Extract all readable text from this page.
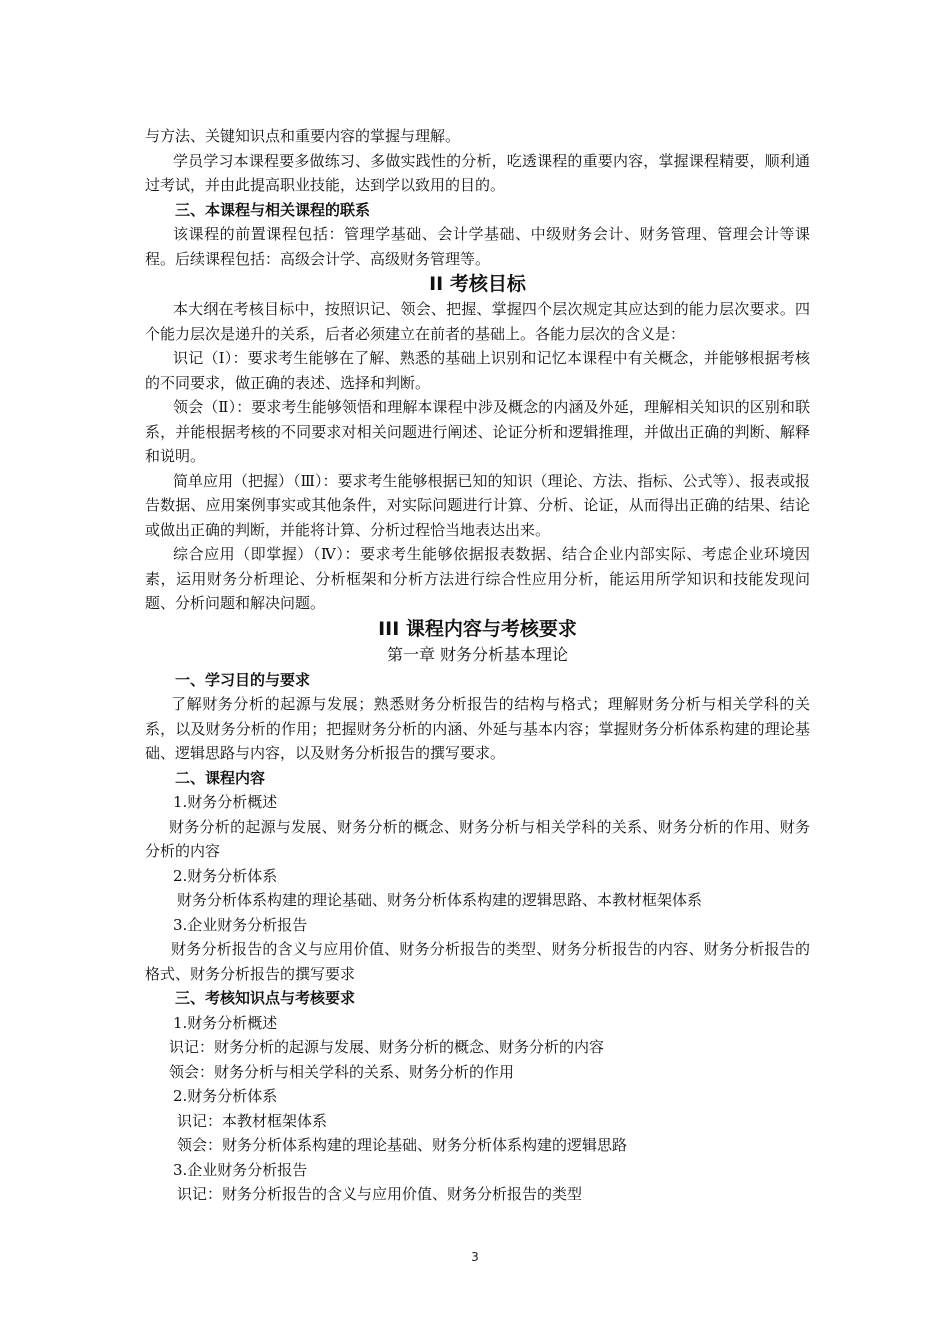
与方法、关键知识点和重要内容的掌握与理解。

学员学习本课程要多做练习、多做实践性的分析，吃透课程的重要内容，掌握课程精要，顺利通过考试，并由此提高职业技能，达到学以致用的目的。

三、本课程与相关课程的联系

该课程的前置课程包括：管理学基础、会计学基础、中级财务会计、财务管理、管理会计等课程。后续课程包括：高级会计学、高级财务管理等。

II 考核目标

本大纲在考核目标中，按照识记、领会、把握、掌握四个层次规定其应达到的能力层次要求。四个能力层次是递升的关系，后者必须建立在前者的基础上。各能力层次的含义是：

识记（Ⅰ）：要求考生能够在了解、熟悉的基础上识别和记忆本课程中有关概念，并能够根据考核的不同要求，做正确的表述、选择和判断。

领会（Ⅱ）：要求考生能够领悟和理解本课程中涉及概念的内涵及外延，理解相关知识的区别和联系，并能根据考核的不同要求对相关问题进行阐述、论证分析和逻辑推理，并做出正确的判断、解释和说明。

简单应用（把握）（Ⅲ）：要求考生能够根据已知的知识（理论、方法、指标、公式等）、报表或报告数据、应用案例事实或其他条件，对实际问题进行计算、分析、论证，从而得出正确的结果、结论或做出正确的判断，并能将计算、分析过程恰当地表达出来。

综合应用（即掌握）（Ⅳ）：要求考生能够依据报表数据、结合企业内部实际、考虑企业环境因素，运用财务分析理论、分析框架和分析方法进行综合性应用分析，能运用所学知识和技能发现问题、分析问题和解决问题。

III 课程内容与考核要求

第一章 财务分析基本理论

一、学习目的与要求

了解财务分析的起源与发展；熟悉财务分析报告的结构与格式；理解财务分析与相关学科的关系，以及财务分析的作用；把握财务分析的内涵、外延与基本内容；掌握财务分析体系构建的理论基础、逻辑思路与内容，以及财务分析报告的撰写要求。

二、课程内容

1.财务分析概述

财务分析的起源与发展、财务分析的概念、财务分析与相关学科的关系、财务分析的作用、财务分析的内容

2.财务分析体系

财务分析体系构建的理论基础、财务分析体系构建的逻辑思路、本教材框架体系

3.企业财务分析报告

财务分析报告的含义与应用价值、财务分析报告的类型、财务分析报告的内容、财务分析报告的格式、财务分析报告的撰写要求

三、考核知识点与考核要求

1.财务分析概述

识记：财务分析的起源与发展、财务分析的概念、财务分析的内容

领会：财务分析与相关学科的关系、财务分析的作用

2.财务分析体系

识记：本教材框架体系

领会：财务分析体系构建的理论基础、财务分析体系构建的逻辑思路

3.企业财务分析报告

识记：财务分析报告的含义与应用价值、财务分析报告的类型

3
